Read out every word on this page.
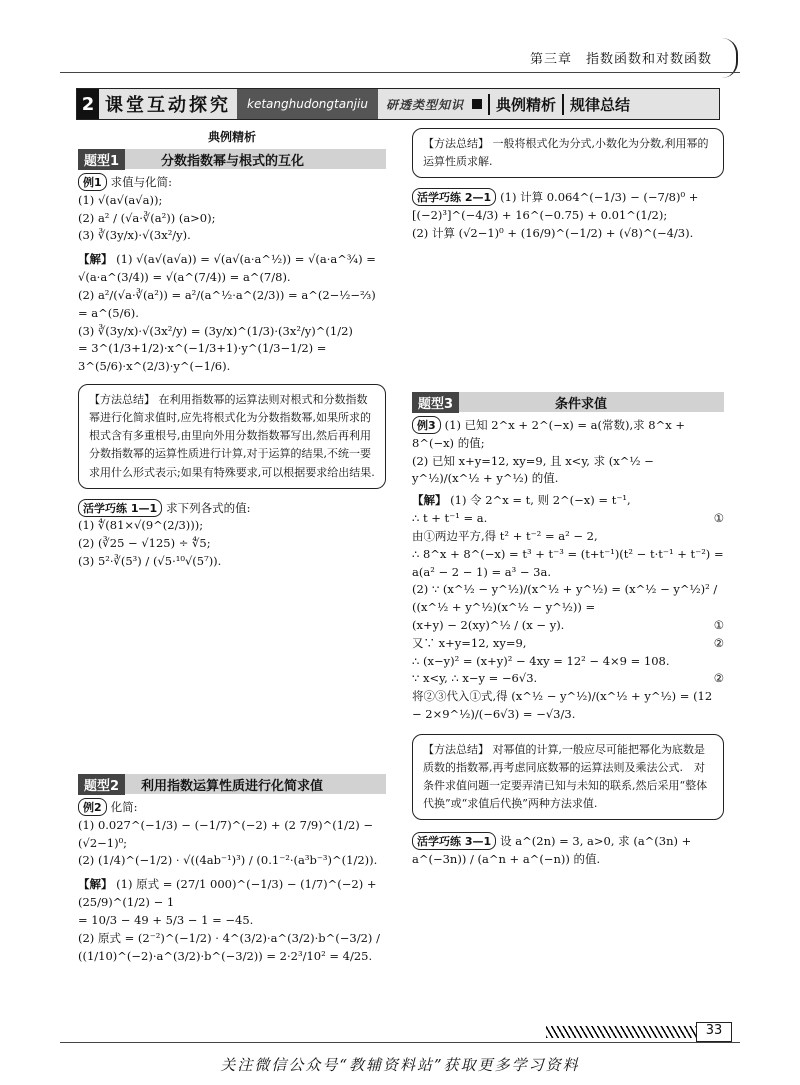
第三章　指数函数和对数函数
2 课堂互动探究	ketanghudongtanjiu	研透类型知识	典例精析 规律总结
典例精析
题型1	分数指数幂与根式的互化

例1 求值与化简:

(1) √(a√(a√a));

(2) a² / (√a·∛(a²)) (a>0);

(3) ∛(3y/x)·√(3x²/y).

【解】 (1) √(a√(a√a)) = √(a√(a·a^½)) = √(a·a^¾) = √(a·a^(3/4)) = √(a^(7/4)) = a^(7/8).

(2) a²/(√a·∛(a²)) = a²/(a^½·a^(2/3)) = a^(2−½−⅔) = a^(5/6).

(3) ∛(3y/x)·√(3x²/y) = (3y/x)^(1/3)·(3x²/y)^(1/2)

= 3^(1/3+1/2)·x^(−1/3+1)·y^(1/3−1/2) = 3^(5/6)·x^(2/3)·y^(−1/6).

【方法总结】 在利用指数幂的运算法则对根式和分数指数幂进行化简求值时,应先将根式化为分数指数幂,如果所求的根式含有多重根号,由里向外用分数指数幂写出,然后再利用分数指数幂的运算性质进行计算,对于运算的结果,不统一要求用什么形式表示;如果有特殊要求,可以根据要求给出结果.

活学巧练 1—1 求下列各式的值:

(1) ∜(81×√(9^(2/3)));

(2) (∛25 − √125) ÷ ∜5;

(3) 5²·∛(5³) / (√5·¹⁰√(5⁷)).

题型2	利用指数运算性质进行化简求值

例2 化简:

(1) 0.027^(−1/3) − (−1/7)^(−2) + (2 7/9)^(1/2) − (√2−1)⁰;

(2) (1/4)^(−1/2) · √((4ab⁻¹)³) / (0.1⁻²·(a³b⁻³)^(1/2)).

【解】 (1) 原式 = (27/1 000)^(−1/3) − (1/7)^(−2) + (25/9)^(1/2) − 1

= 10/3 − 49 + 5/3 − 1 = −45.

(2) 原式 = (2⁻²)^(−1/2) · 4^(3/2)·a^(3/2)·b^(−3/2) / ((1/10)^(−2)·a^(3/2)·b^(−3/2)) = 2·2³/10² = 4/25.

【方法总结】 一般将根式化为分式,小数化为分数,利用幂的运算性质求解.

活学巧练 2—1 (1) 计算 0.064^(−1/3) − (−7/8)⁰ +

[(−2)³]^(−4/3) + 16^(−0.75) + 0.01^(1/2);

(2) 计算 (√2−1)⁰ + (16/9)^(−1/2) + (√8)^(−4/3).

题型3	条件求值

例3 (1) 已知 2^x + 2^(−x) = a(常数),求 8^x + 8^(−x) 的值;

(2) 已知 x+y=12, xy=9, 且 x<y, 求 (x^½ − y^½)/(x^½ + y^½) 的值.

【解】 (1) 令 2^x = t, 则 2^(−x) = t⁻¹,

∴ t + t⁻¹ = a.	①

由①两边平方,得 t² + t⁻² = a² − 2,

∴ 8^x + 8^(−x) = t³ + t⁻³ = (t+t⁻¹)(t² − t·t⁻¹ + t⁻²) =

a(a² − 2 − 1) = a³ − 3a.

(2) ∵ (x^½ − y^½)/(x^½ + y^½) = (x^½ − y^½)² / ((x^½ + y^½)(x^½ − y^½)) =

(x+y) − 2(xy)^½ / (x − y).	①

又∵ x+y=12, xy=9,	②

∴ (x−y)² = (x+y)² − 4xy = 12² − 4×9 = 108.

∵ x<y, ∴ x−y = −6√3.	②

将②③代入①式,得 (x^½ − y^½)/(x^½ + y^½) = (12 − 2×9^½)/(−6√3) = −√3/3.

【方法总结】 对幂值的计算,一般应尽可能把幂化为底数是质数的指数幂,再考虑同底数幂的运算法则及乘法公式.　对条件求值问题一定要弄清已知与未知的联系,然后采用“整体代换”或“求值后代换”两种方法求值.

活学巧练 3—1 设 a^(2n) = 3, a>0, 求 (a^(3n) + a^(−3n)) / (a^n + a^(−n)) 的值.

33
关注微信公众号“教辅资料站”获取更多学习资料
